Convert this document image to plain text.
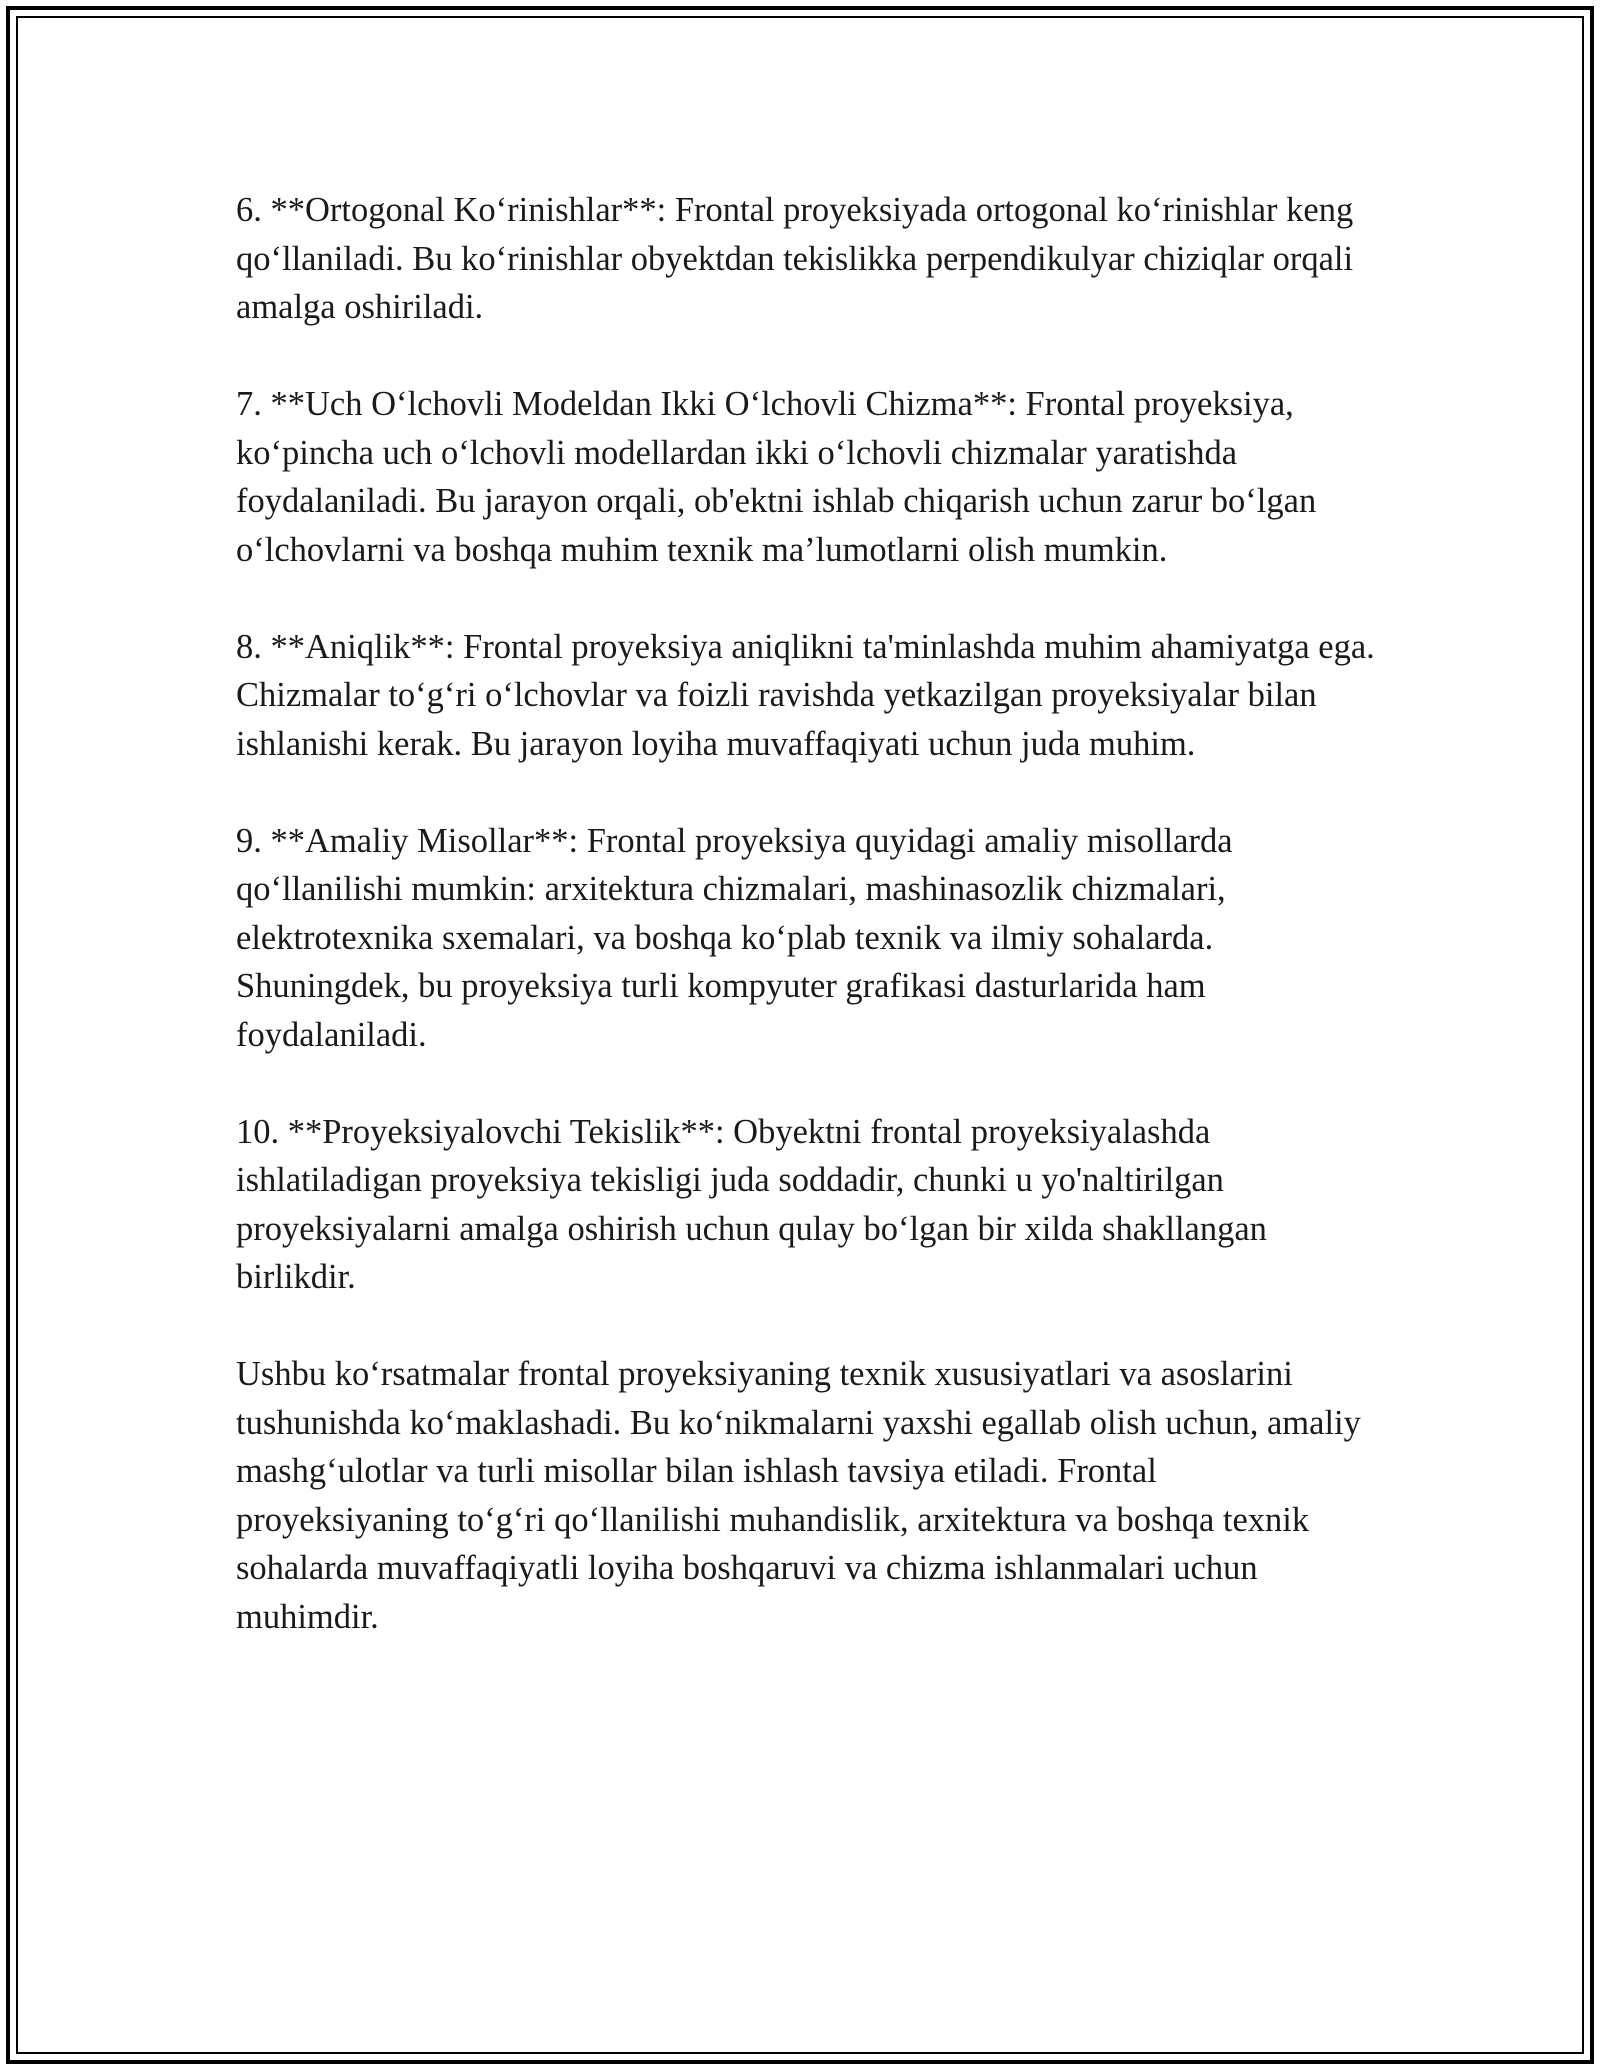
6. **Ortogonal Ko‘rinishlar**: Frontal proyeksiyada ortogonal ko‘rinishlar keng qo‘llaniladi. Bu ko‘rinishlar obyektdan tekislikka perpendikulyar chiziqlar orqali amalga oshiriladi.

7. **Uch O‘lchovli Modeldan Ikki O‘lchovli Chizma**: Frontal proyeksiya, ko‘pincha uch o‘lchovli modellardan ikki o‘lchovli chizmalar yaratishda foydalaniladi. Bu jarayon orqali, ob'ektni ishlab chiqarish uchun zarur bo‘lgan o‘lchovlarni va boshqa muhim texnik ma’lumotlarni olish mumkin.

8. **Aniqlik**: Frontal proyeksiya aniqlikni ta'minlashda muhim ahamiyatga ega. Chizmalar to‘g‘ri o‘lchovlar va foizli ravishda yetkazilgan proyeksiyalar bilan ishlanishi kerak. Bu jarayon loyiha muvaffaqiyati uchun juda muhim.

9. **Amaliy Misollar**: Frontal proyeksiya quyidagi amaliy misollarda qo‘llanilishi mumkin: arxitektura chizmalari, mashinasozlik chizmalari, elektrotexnika sxemalari, va boshqa ko‘plab texnik va ilmiy sohalarda. Shuningdek, bu proyeksiya turli kompyuter grafikasi dasturlarida ham foydalaniladi.

10. **Proyeksiyalovchi Tekislik**: Obyektni frontal proyeksiyalashda ishlatiladigan proyeksiya tekisligi juda soddadir, chunki u yo'naltirilgan proyeksiyalarni amalga oshirish uchun qulay bo‘lgan bir xilda shakllangan birlikdir.

Ushbu ko‘rsatmalar frontal proyeksiyaning texnik xususiyatlari va asoslarini tushunishda ko‘maklashadi. Bu ko‘nikmalarni yaxshi egallab olish uchun, amaliy mashg‘ulotlar va turli misollar bilan ishlash tavsiya etiladi. Frontal proyeksiyaning to‘g‘ri qo‘llanilishi muhandislik, arxitektura va boshqa texnik sohalarda muvaffaqiyatli loyiha boshqaruvi va chizma ishlanmalari uchun muhimdir.
